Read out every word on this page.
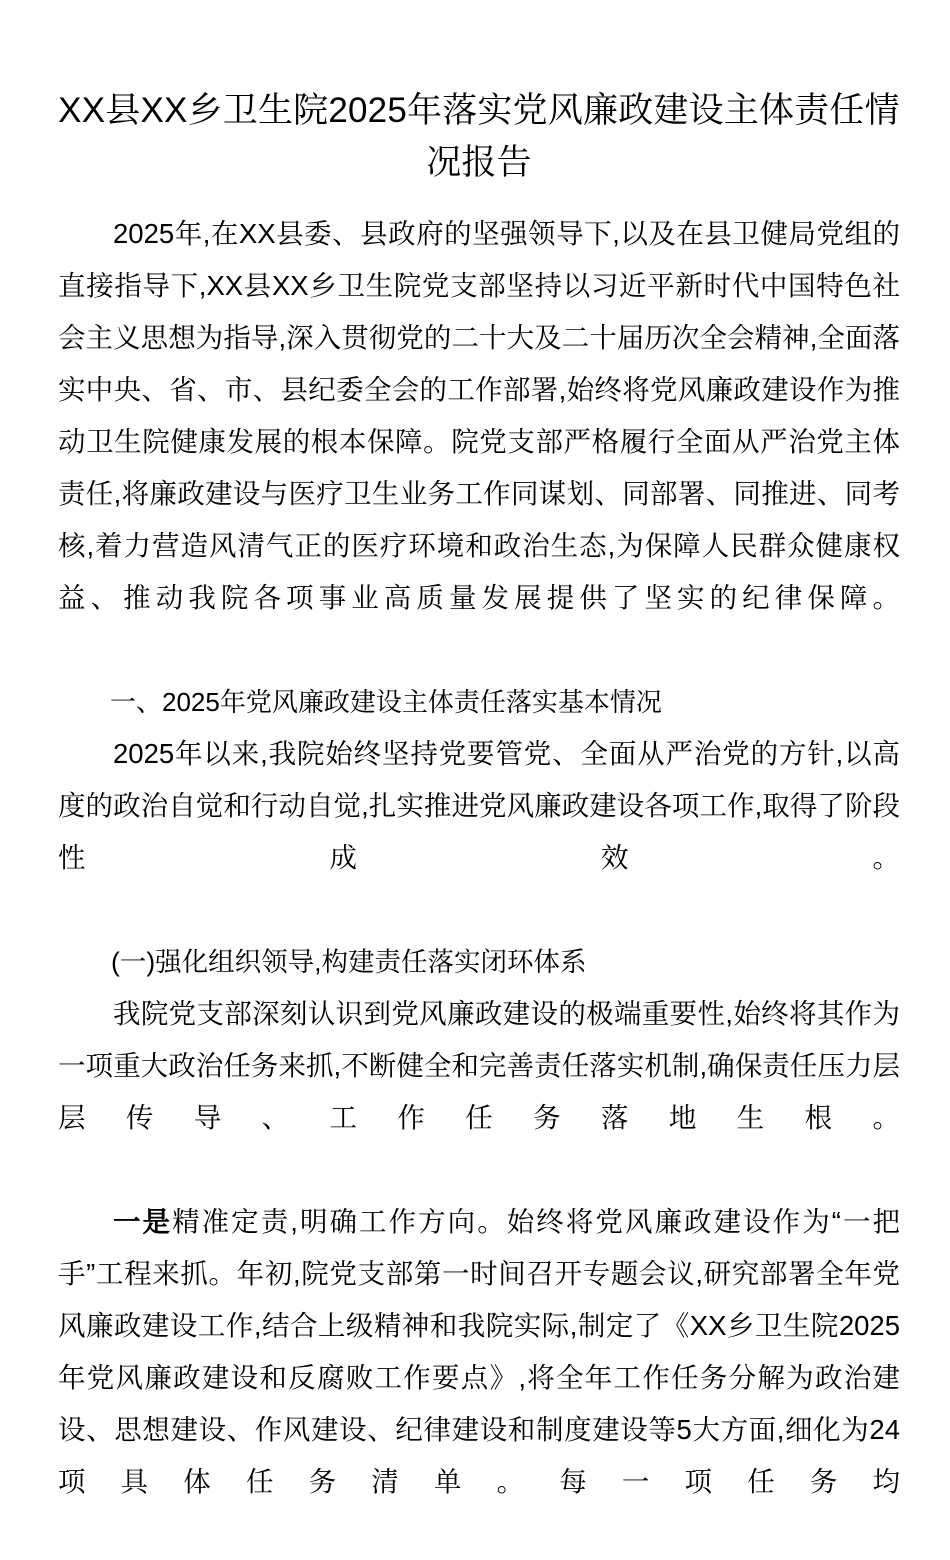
XX县XX乡卫生院2025年落实党风廉政建设主体责任情况报告

2025年,在XX县委、县政府的坚强领导下,以及在县卫健局党组的直接指导下,XX县XX乡卫生院党支部坚持以习近平新时代中国特色社会主义思想为指导,深入贯彻党的二十大及二十届历次全会精神,全面落实中央、省、市、县纪委全会的工作部署,始终将党风廉政建设作为推动卫生院健康发展的根本保障。院党支部严格履行全面从严治党主体责任,将廉政建设与医疗卫生业务工作同谋划、同部署、同推进、同考核,着力营造风清气正的医疗环境和政治生态,为保障人民群众健康权益、推动我院各项事业高质量发展提供了坚实的纪律保障。

一、2025年党风廉政建设主体责任落实基本情况

2025年以来,我院始终坚持党要管党、全面从严治党的方针,以高度的政治自觉和行动自觉,扎实推进党风廉政建设各项工作,取得了阶段性成效。

(一)强化组织领导,构建责任落实闭环体系

我院党支部深刻认识到党风廉政建设的极端重要性,始终将其作为一项重大政治任务来抓,不断健全和完善责任落实机制,确保责任压力层层传导、工作任务落地生根。

一是精准定责,明确工作方向。始终将党风廉政建设作为“一把手”工程来抓。年初,院党支部第一时间召开专题会议,研究部署全年党风廉政建设工作,结合上级精神和我院实际,制定了《XX乡卫生院2025年党风廉政建设和反腐败工作要点》,将全年工作任务分解为政治建设、思想建设、作风建设、纪律建设和制度建设等5大方面,细化为24项具体任务清单。每一项任务均
